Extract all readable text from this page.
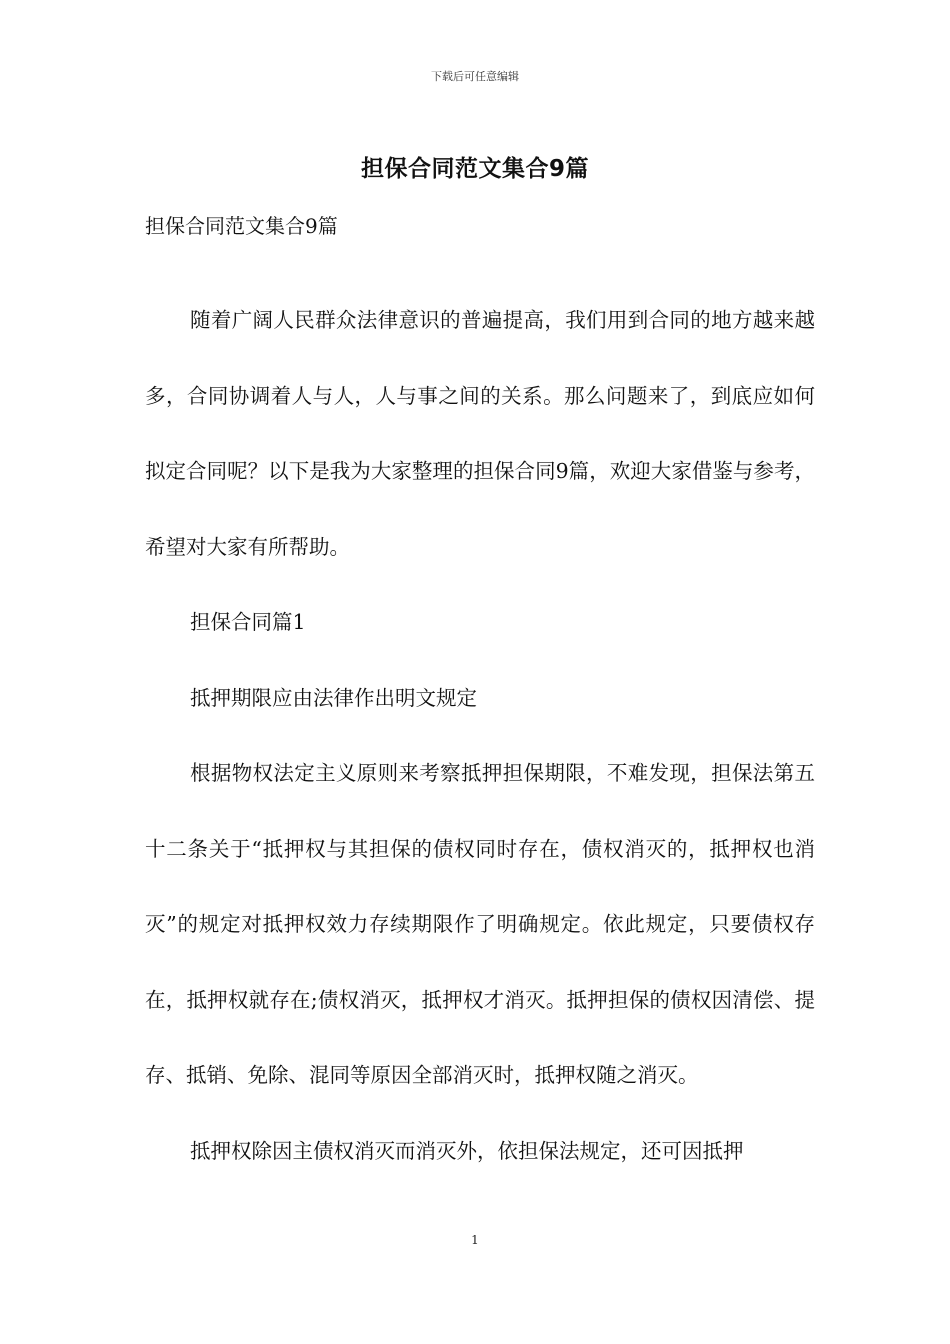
下载后可任意编辑
担保合同范文集合9篇
担保合同范文集合9篇

随着广阔人民群众法律意识的普遍提高，我们用到合同的地方越来越多，合同协调着人与人，人与事之间的关系。那么问题来了，到底应如何拟定合同呢？以下是我为大家整理的担保合同9篇，欢迎大家借鉴与参考，希望对大家有所帮助。

担保合同篇1

抵押期限应由法律作出明文规定

根据物权法定主义原则来考察抵押担保期限，不难发现，担保法第五十二条关于“抵押权与其担保的债权同时存在，债权消灭的，抵押权也消灭”的规定对抵押权效力存续期限作了明确规定。依此规定，只要债权存在，抵押权就存在;债权消灭，抵押权才消灭。抵押担保的债权因清偿、提存、抵销、免除、混同等原因全部消灭时，抵押权随之消灭。

抵押权除因主债权消灭而消灭外，依担保法规定，还可因抵押

1
